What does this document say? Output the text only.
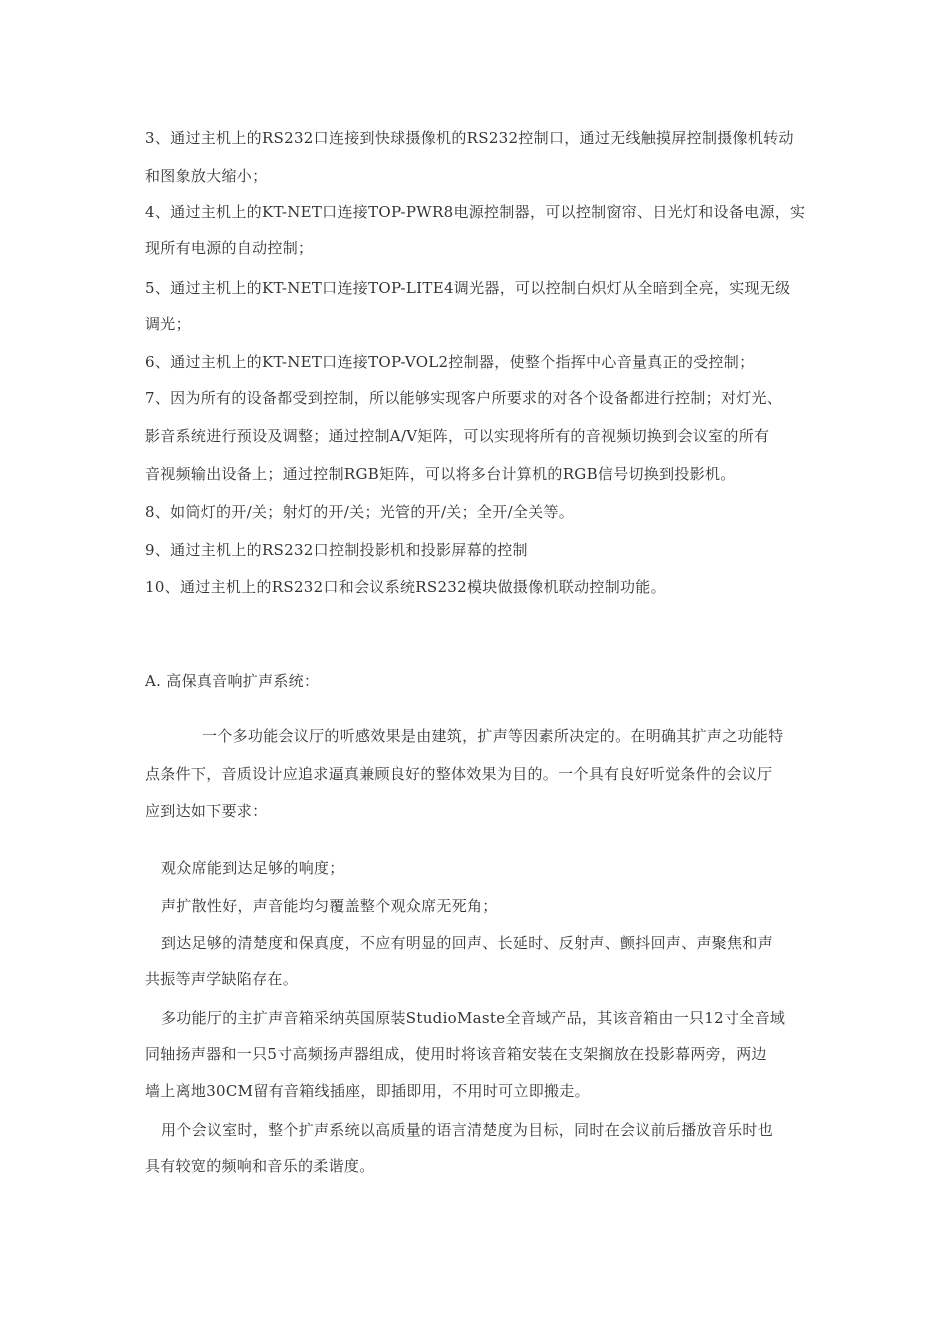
3、通过主机上的RS232口连接到快球摄像机的RS232控制口，通过无线触摸屏控制摄像机转动
和图象放大缩小；
4、通过主机上的KT-NET口连接TOP-PWR8电源控制器，可以控制窗帘、日光灯和设备电源，实
现所有电源的自动控制；
5、通过主机上的KT-NET口连接TOP-LITE4调光器，可以控制白炽灯从全暗到全亮，实现无级
调光；
6、通过主机上的KT-NET口连接TOP-VOL2控制器，使整个指挥中心音量真正的受控制；
7、因为所有的设备都受到控制，所以能够实现客户所要求的对各个设备都进行控制；对灯光、
影音系统进行预设及调整；通过控制A/V矩阵，可以实现将所有的音视频切换到会议室的所有
音视频输出设备上；通过控制RGB矩阵，可以将多台计算机的RGB信号切换到投影机。
8、如筒灯的开/关；射灯的开/关；光管的开/关；全开/全关等。
9、通过主机上的RS232口控制投影机和投影屏幕的控制
10、通过主机上的RS232口和会议系统RS232模块做摄像机联动控制功能。
A. 高保真音响扩声系统：
一个多功能会议厅的听感效果是由建筑，扩声等因素所决定的。在明确其扩声之功能特
点条件下，音质设计应追求逼真兼顾良好的整体效果为目的。一个具有良好听觉条件的会议厅
应到达如下要求：
观众席能到达足够的响度；
声扩散性好，声音能均匀覆盖整个观众席无死角；
到达足够的清楚度和保真度，不应有明显的回声、长延时、反射声、颤抖回声、声聚焦和声
共振等声学缺陷存在。
多功能厅的主扩声音箱采纳英国原装StudioMaste全音域产品，其该音箱由一只12寸全音域
同轴扬声器和一只5寸高频扬声器组成，使用时将该音箱安装在支架搁放在投影幕两旁，两边
墙上离地30CM留有音箱线插座，即插即用，不用时可立即搬走。
用个会议室时，整个扩声系统以高质量的语言清楚度为目标，同时在会议前后播放音乐时也
具有较宽的频响和音乐的柔谐度。
